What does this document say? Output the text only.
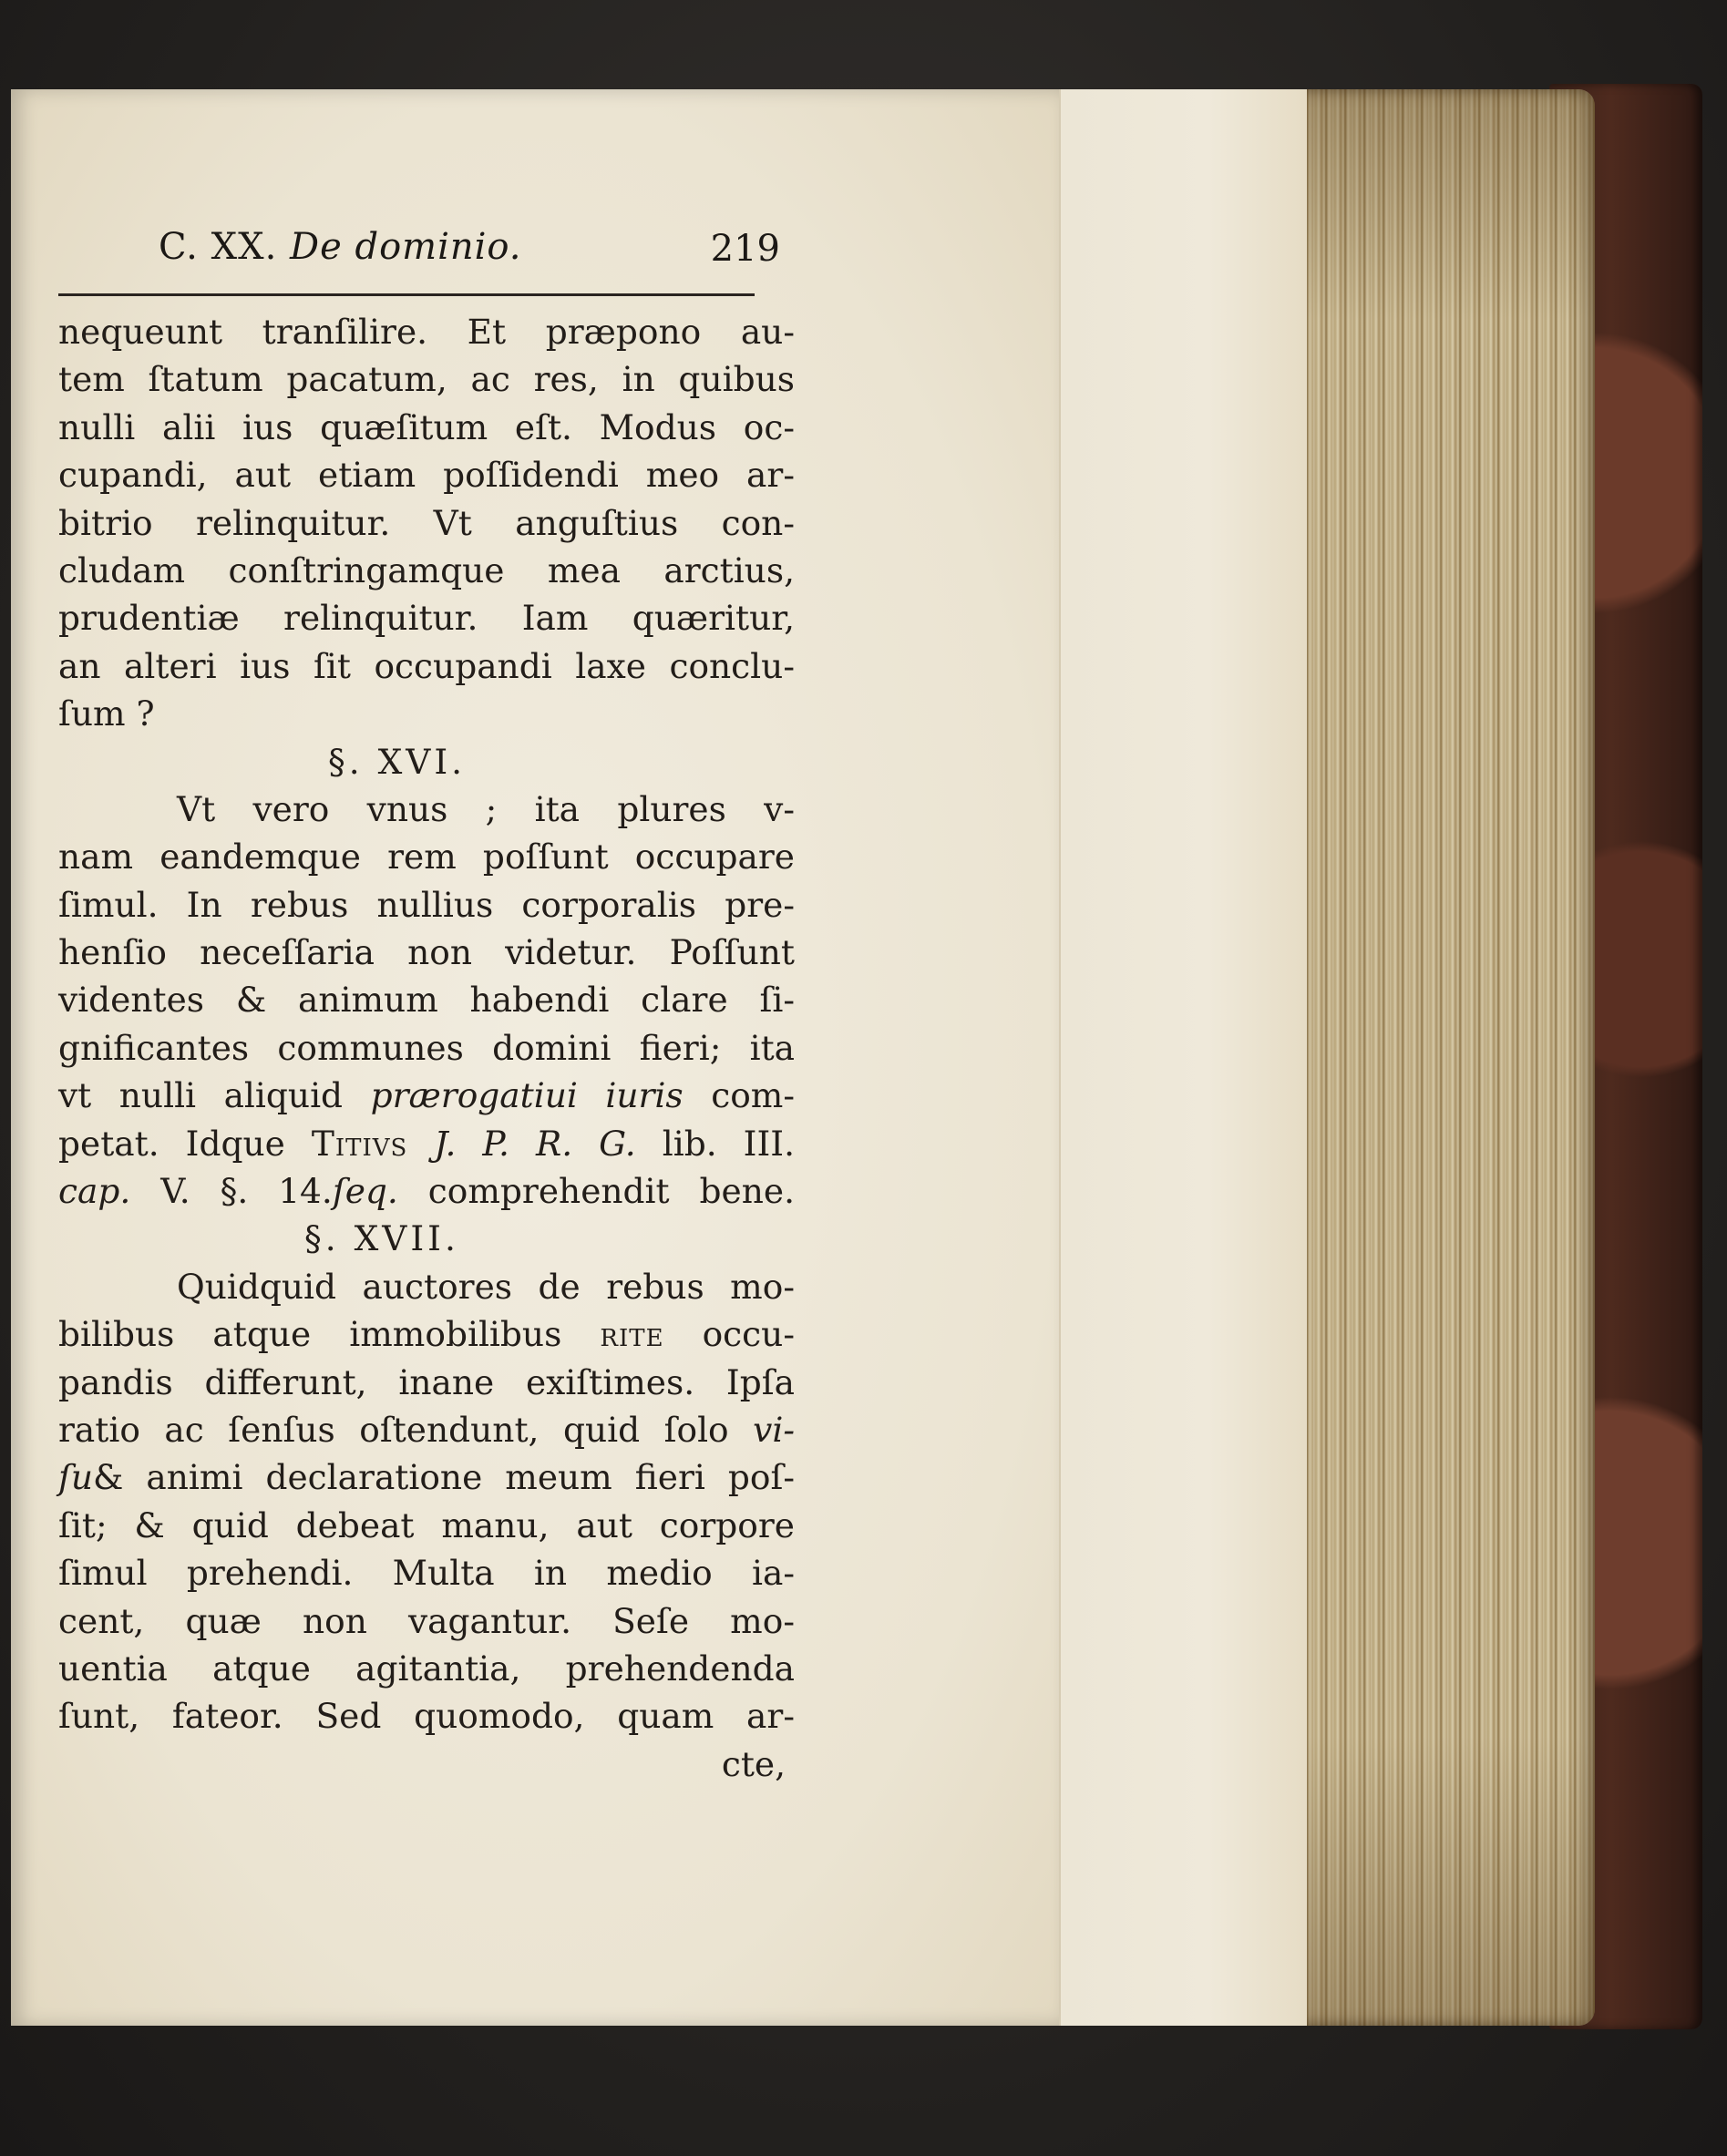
C. XX. De dominio.	219
nequeunt tranſilire. Et præpono au-
tem ſtatum pacatum, ac res, in quibus
nulli alii ius quæſitum eſt. Modus oc-
cupandi, aut etiam poſſidendi meo ar-
bitrio relinquitur. Vt anguſtius con-
cludam conſtringamque mea arctius,
prudentiæ relinquitur. Iam quæritur,
an alteri ius ſit occupandi laxe conclu-
ſum ?
§. XVI.
Vt vero vnus ; ita plures v-
nam eandemque rem poſſunt occupare
ſimul. In rebus nullius corporalis pre-
henſio neceſſaria non videtur. Poſſunt
videntes & animum habendi clare ſi-
gnificantes communes domini fieri; ita
vt nulli aliquid prærogatiui iuris com-
petat. Idque Titivs J. P. R. G. lib. III.
cap. V. §. 14.ſeq. comprehendit bene.
§. XVII.
Quidquid auctores de rebus mo-
bilibus atque immobilibus rite occu-
pandis differunt, inane exiſtimes. Ipſa
ratio ac ſenſus oſtendunt, quid ſolo vi-
ſu& animi declaratione meum fieri poſ-
ſit; & quid debeat manu, aut corpore
ſimul prehendi. Multa in medio ia-
cent, quæ non vagantur. Seſe mo-
uentia atque agitantia, prehendenda
ſunt, fateor. Sed quomodo, quam ar-
cte,
